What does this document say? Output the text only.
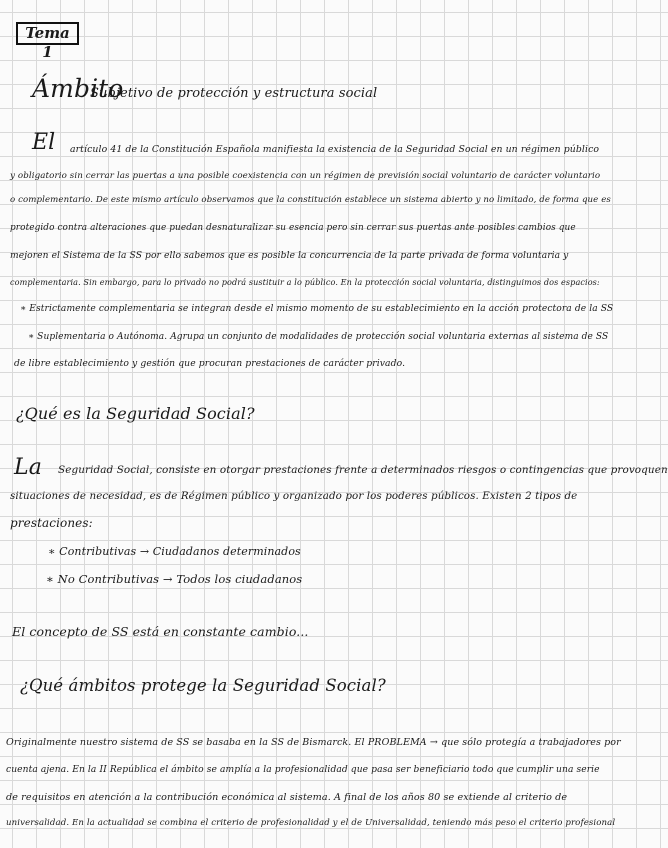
Tema 1
Ámbito
Subjetivo de protección y estructura social
El artículo 41 de la Constitución Española manifiesta la existencia de la Seguridad Social en un régimen público
y obligatorio sin cerrar las puertas a una posible coexistencia con un régimen de previsión social voluntario de carácter voluntario
o complementario. De este mismo artículo observamos que la constitución establece un sistema abierto y no limitado, de forma que es
protegido contra alteraciones que puedan desnaturalizar su esencia pero sin cerrar sus puertas ante posibles cambios que
mejoren el Sistema de la SS por ello sabemos que es posible la concurrencia de la parte privada de forma voluntaria y
complementaria. Sin embargo, para lo privado no podrá sustituir a lo público. En la protección social voluntaria, distinguimos dos espacios:
∗ Estrictamente complementaria se integran desde el mismo momento de su establecimiento en la acción protectora de la SS
∗ Suplementaria o Autónoma. Agrupa un conjunto de modalidades de protección social voluntaria externas al sistema de SS
de libre establecimiento y gestión que procuran prestaciones de carácter privado.
¿Qué es la Seguridad Social?
La Seguridad Social, consiste en otorgar prestaciones frente a determinados riesgos o contingencias que provoquen
situaciones de necesidad, es de Régimen público y organizado por los poderes públicos. Existen 2 tipos de
prestaciones:
∗ Contributivas → Ciudadanos determinados
∗ No Contributivas → Todos los ciudadanos
El concepto de SS está en constante cambio...
¿Qué ámbitos protege la Seguridad Social?
Originalmente nuestro sistema de SS se basaba en la SS de Bismarck. El PROBLEMA → que sólo protegía a trabajadores por
cuenta ajena. En la II República el ámbito se amplía a la profesionalidad que pasa ser beneficiario todo que cumplir una serie
de requisitos en atención a la contribución económica al sistema. A final de los años 80 se extiende al criterio de
universalidad. En la actualidad se combina el criterio de profesionalidad y el de Universalidad, teniendo más peso el criterio profesional
